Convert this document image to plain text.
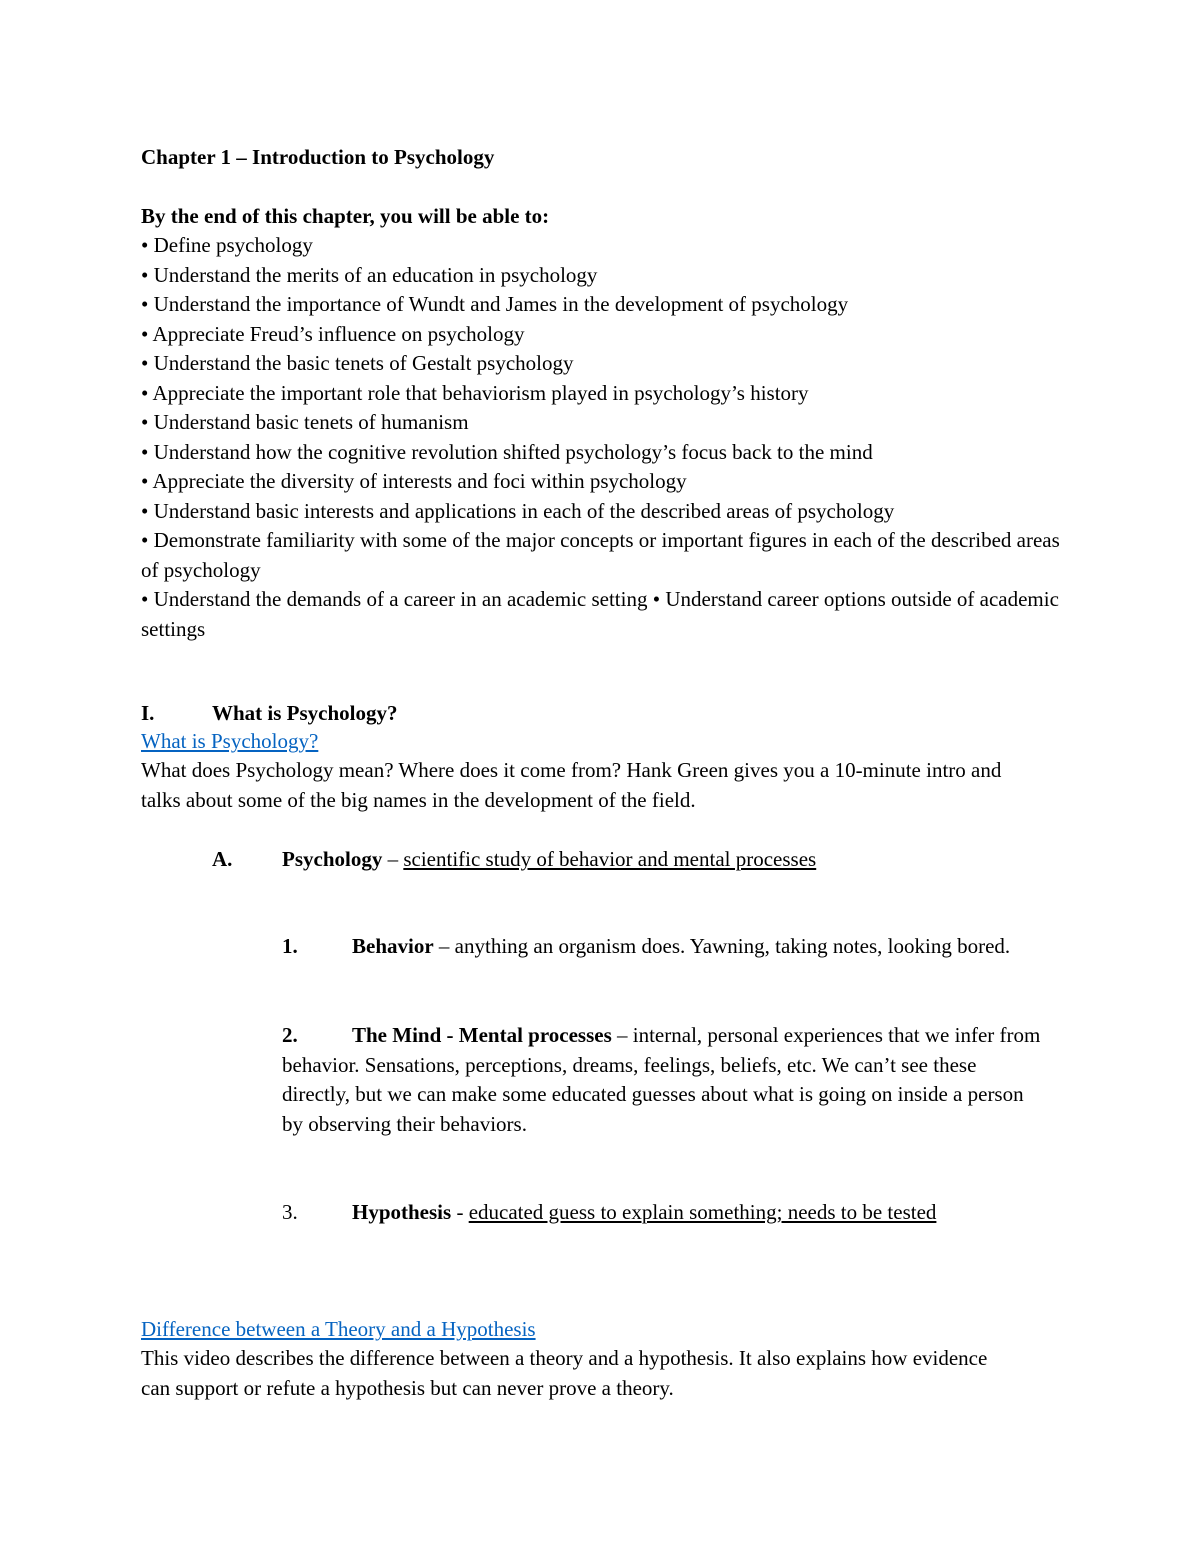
Chapter 1 – Introduction to Psychology

By the end of this chapter, you will be able to:

• Define psychology
• Understand the merits of an education in psychology
• Understand the importance of Wundt and James in the development of psychology
• Appreciate Freud’s influence on psychology
• Understand the basic tenets of Gestalt psychology
• Appreciate the important role that behaviorism played in psychology’s history
• Understand basic tenets of humanism
• Understand how the cognitive revolution shifted psychology’s focus back to the mind
• Appreciate the diversity of interests and foci within psychology
• Understand basic interests and applications in each of the described areas of psychology
• Demonstrate familiarity with some of the major concepts or important figures in each of the described areas of psychology
• Understand the demands of a career in an academic setting • Understand career options outside of academic settings

I.	What is Psychology?

What is Psychology?

What does Psychology mean? Where does it come from? Hank Green gives you a 10-minute intro and talks about some of the big names in the development of the field.

A. Psychology – scientific study of behavior and mental processes

1.	Behavior – anything an organism does. Yawning, taking notes, looking bored.

2.	The Mind - Mental processes – internal, personal experiences that we infer from behavior. Sensations, perceptions, dreams, feelings, beliefs, etc. We can’t see these directly, but we can make some educated guesses about what is going on inside a person by observing their behaviors.

3.	Hypothesis - educated guess to explain something; needs to be tested

Difference between a Theory and a Hypothesis

This video describes the difference between a theory and a hypothesis. It also explains how evidence can support or refute a hypothesis but can never prove a theory.
